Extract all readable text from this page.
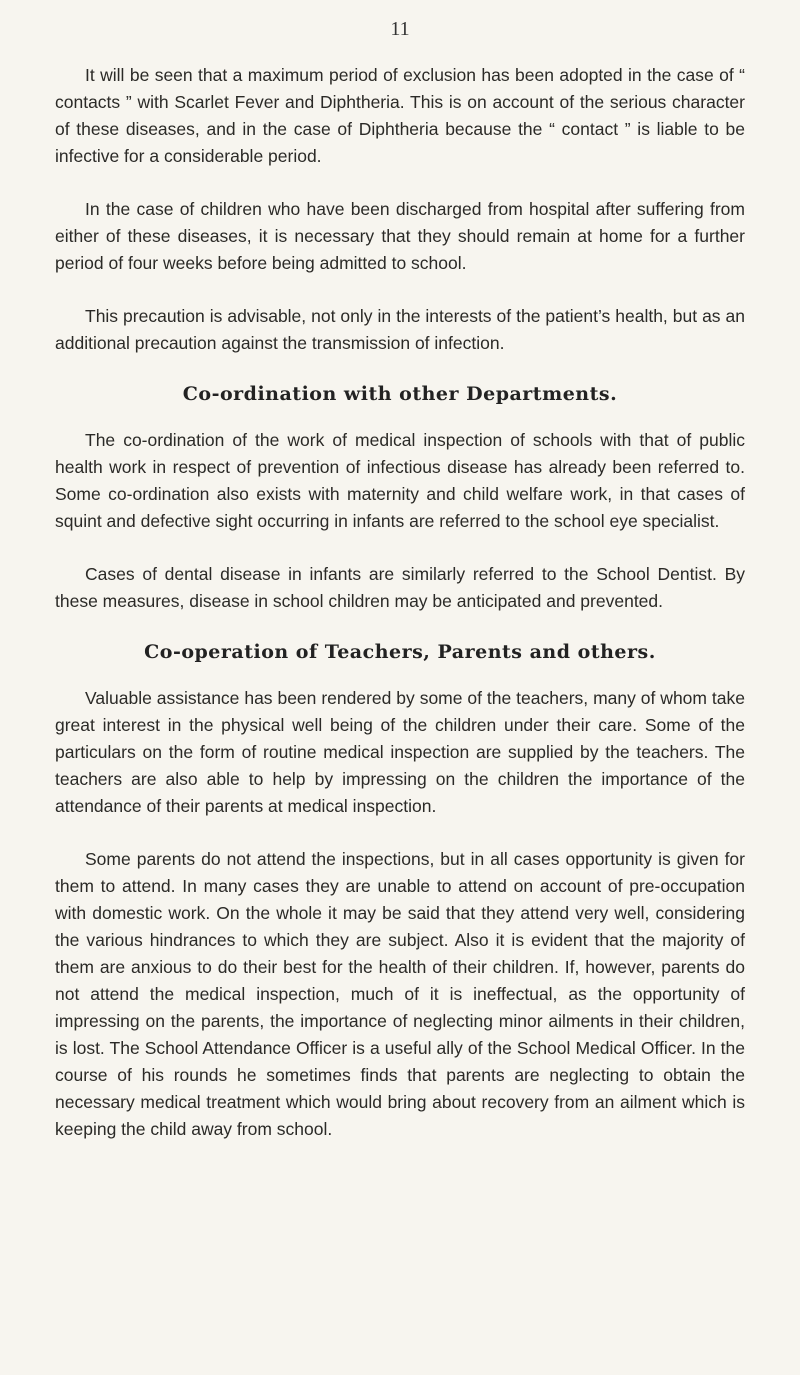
11

It will be seen that a maximum period of exclusion has been adopted in the case of “ contacts ” with Scarlet Fever and Diphtheria. This is on account of the serious character of these diseases, and in the case of Diphtheria because the “ contact ” is liable to be infective for a considerable period.

In the case of children who have been discharged from hospital after suffering from either of these diseases, it is necessary that they should remain at home for a further period of four weeks before being admitted to school.

This precaution is advisable, not only in the interests of the patient’s health, but as an additional precaution against the transmission of infection.

Co-ordination with other Departments.

The co-ordination of the work of medical inspection of schools with that of public health work in respect of prevention of infectious disease has already been referred to. Some co-ordination also exists with maternity and child welfare work, in that cases of squint and defective sight occurring in infants are referred to the school eye specialist.

Cases of dental disease in infants are similarly referred to the School Dentist. By these measures, disease in school children may be anticipated and prevented.

Co-operation of Teachers, Parents and others.

Valuable assistance has been rendered by some of the teachers, many of whom take great interest in the physical well being of the children under their care. Some of the particulars on the form of routine medical inspection are supplied by the teachers. The teachers are also able to help by impressing on the children the importance of the attendance of their parents at medical inspection.

Some parents do not attend the inspections, but in all cases opportunity is given for them to attend. In many cases they are unable to attend on account of pre-occupation with domestic work. On the whole it may be said that they attend very well, considering the various hindrances to which they are subject. Also it is evident that the majority of them are anxious to do their best for the health of their children. If, however, parents do not attend the medical inspection, much of it is ineffectual, as the opportunity of impressing on the parents, the importance of neglecting minor ailments in their children, is lost. The School Attendance Officer is a useful ally of the School Medical Officer. In the course of his rounds he sometimes finds that parents are neglecting to obtain the necessary medical treatment which would bring about recovery from an ailment which is keeping the child away from school.
